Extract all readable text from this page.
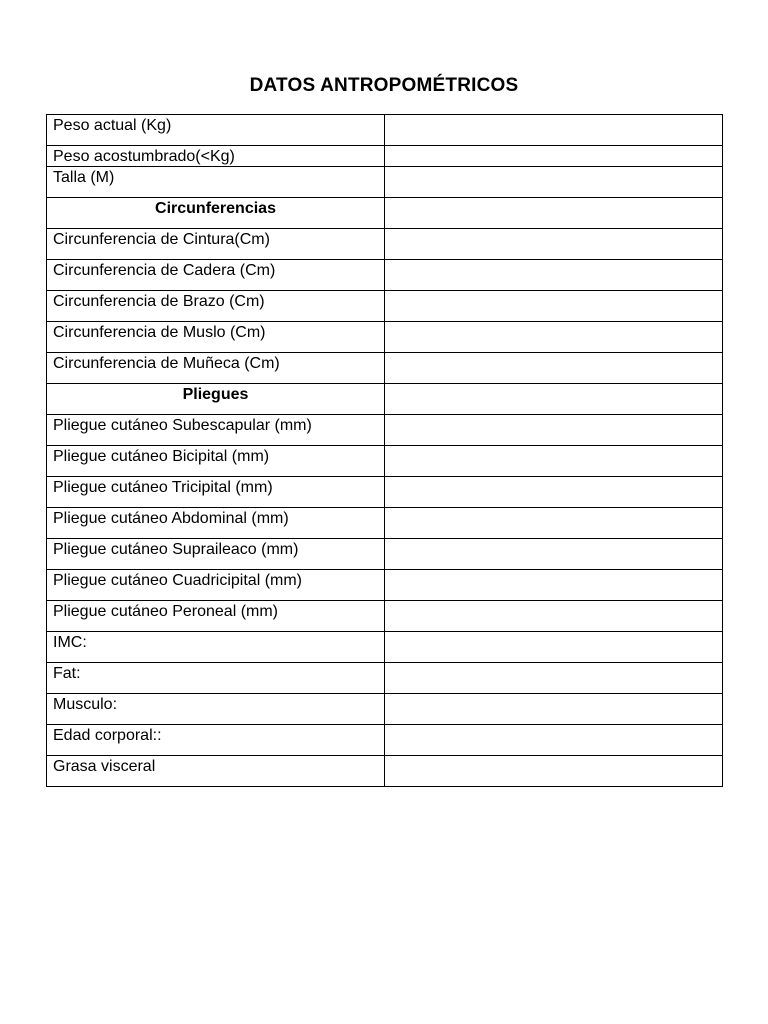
DATOS ANTROPOMÉTRICOS
Peso actual (Kg)	
Peso acostumbrado(<Kg)	
Talla (M)	
Circunferencias	
Circunferencia de Cintura(Cm)	
Circunferencia de Cadera (Cm)	
Circunferencia de Brazo (Cm)	
Circunferencia de Muslo (Cm)	
Circunferencia de Muñeca (Cm)	
Pliegues	
Pliegue cutáneo Subescapular (mm)	
Pliegue cutáneo Bicipital (mm)	
Pliegue cutáneo Tricipital (mm)	
Pliegue cutáneo Abdominal (mm)	
Pliegue cutáneo Supraileaco (mm)	
Pliegue cutáneo Cuadricipital (mm)	
Pliegue cutáneo Peroneal (mm)	
IMC:	
Fat:	
Musculo:	
Edad corporal::	
Grasa visceral	
